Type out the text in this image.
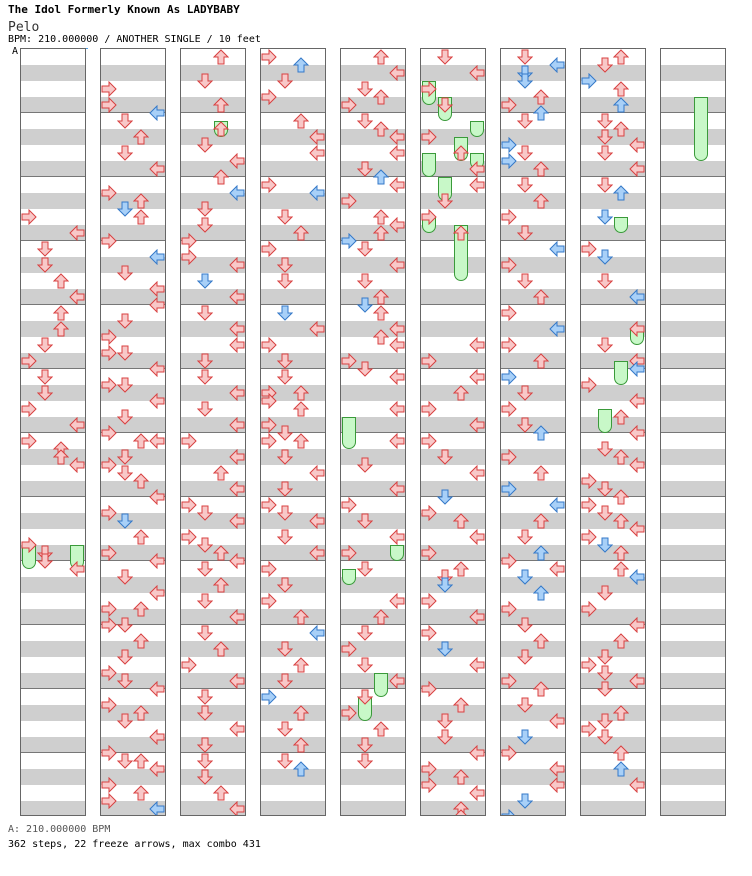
The Idol Formerly Known As LADYBABY
Pelo
BPM: 210.000000 / ANOTHER SINGLE / 10 feet
A
A: 210.000000 BPM
362 steps, 22 freeze arrows, max combo 431
